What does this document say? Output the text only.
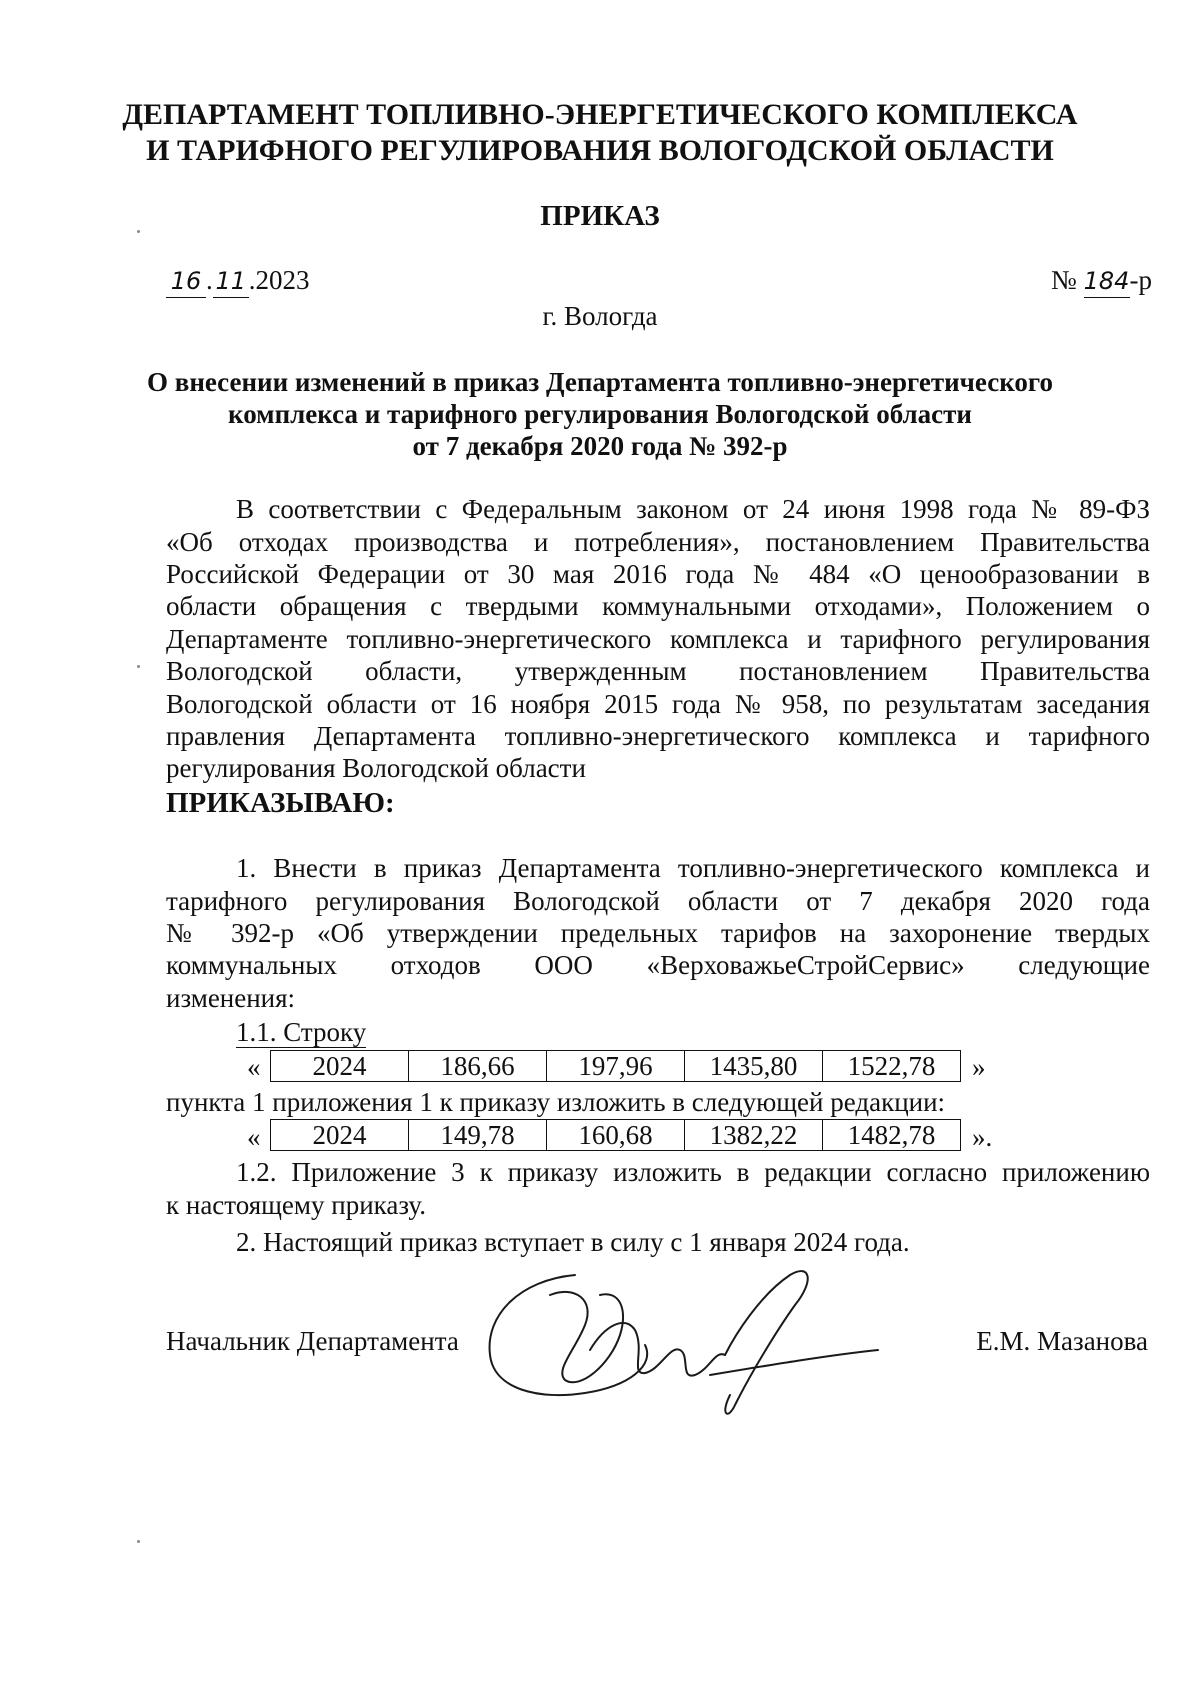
ДЕПАРТАМЕНТ ТОПЛИВНО-ЭНЕРГЕТИЧЕСКОГО КОМПЛЕКСА
И ТАРИФНОГО РЕГУЛИРОВАНИЯ ВОЛОГОДСКОЙ ОБЛАСТИ
ПРИКАЗ
16 . 11 .2023	№ 184-р
г. Вологда
О внесении изменений в приказ Департамента топливно-энергетического
комплекса и тарифного регулирования Вологодской области
от 7 декабря 2020 года № 392-р
В соответствии с Федеральным законом от 24 июня 1998 года № 89-ФЗ
«Об отходах производства и потребления», постановлением Правительства
Российской Федерации от 30 мая 2016 года № 484 «О ценообразовании в
области обращения с твердыми коммунальными отходами», Положением о
Департаменте топливно-энергетического комплекса и тарифного регулирования
Вологодской области, утвержденным постановлением Правительства
Вологодской области от 16 ноября 2015 года № 958, по результатам заседания
правления Департамента топливно-энергетического комплекса и тарифного
регулирования Вологодской области
ПРИКАЗЫВАЮ:
1. Внести в приказ Департамента топливно-энергетического комплекса и
тарифного регулирования Вологодской области от 7 декабря 2020 года
№ 392-р «Об утверждении предельных тарифов на захоронение твердых
коммунальных отходов ООО «ВерховажьеСтройСервис» следующие
изменения:
1.1. Строку
« 2024	186,66	197,96	1435,80	1522,78 »
пункта 1 приложения 1 к приказу изложить в следующей редакции:
« 2024	149,78	160,68	1382,22	1482,78 ».
1.2. Приложение 3 к приказу изложить в редакции согласно приложению
к настоящему приказу.
2. Настоящий приказ вступает в силу с 1 января 2024 года.
Начальник Департамента	Е.М. Мазанова
